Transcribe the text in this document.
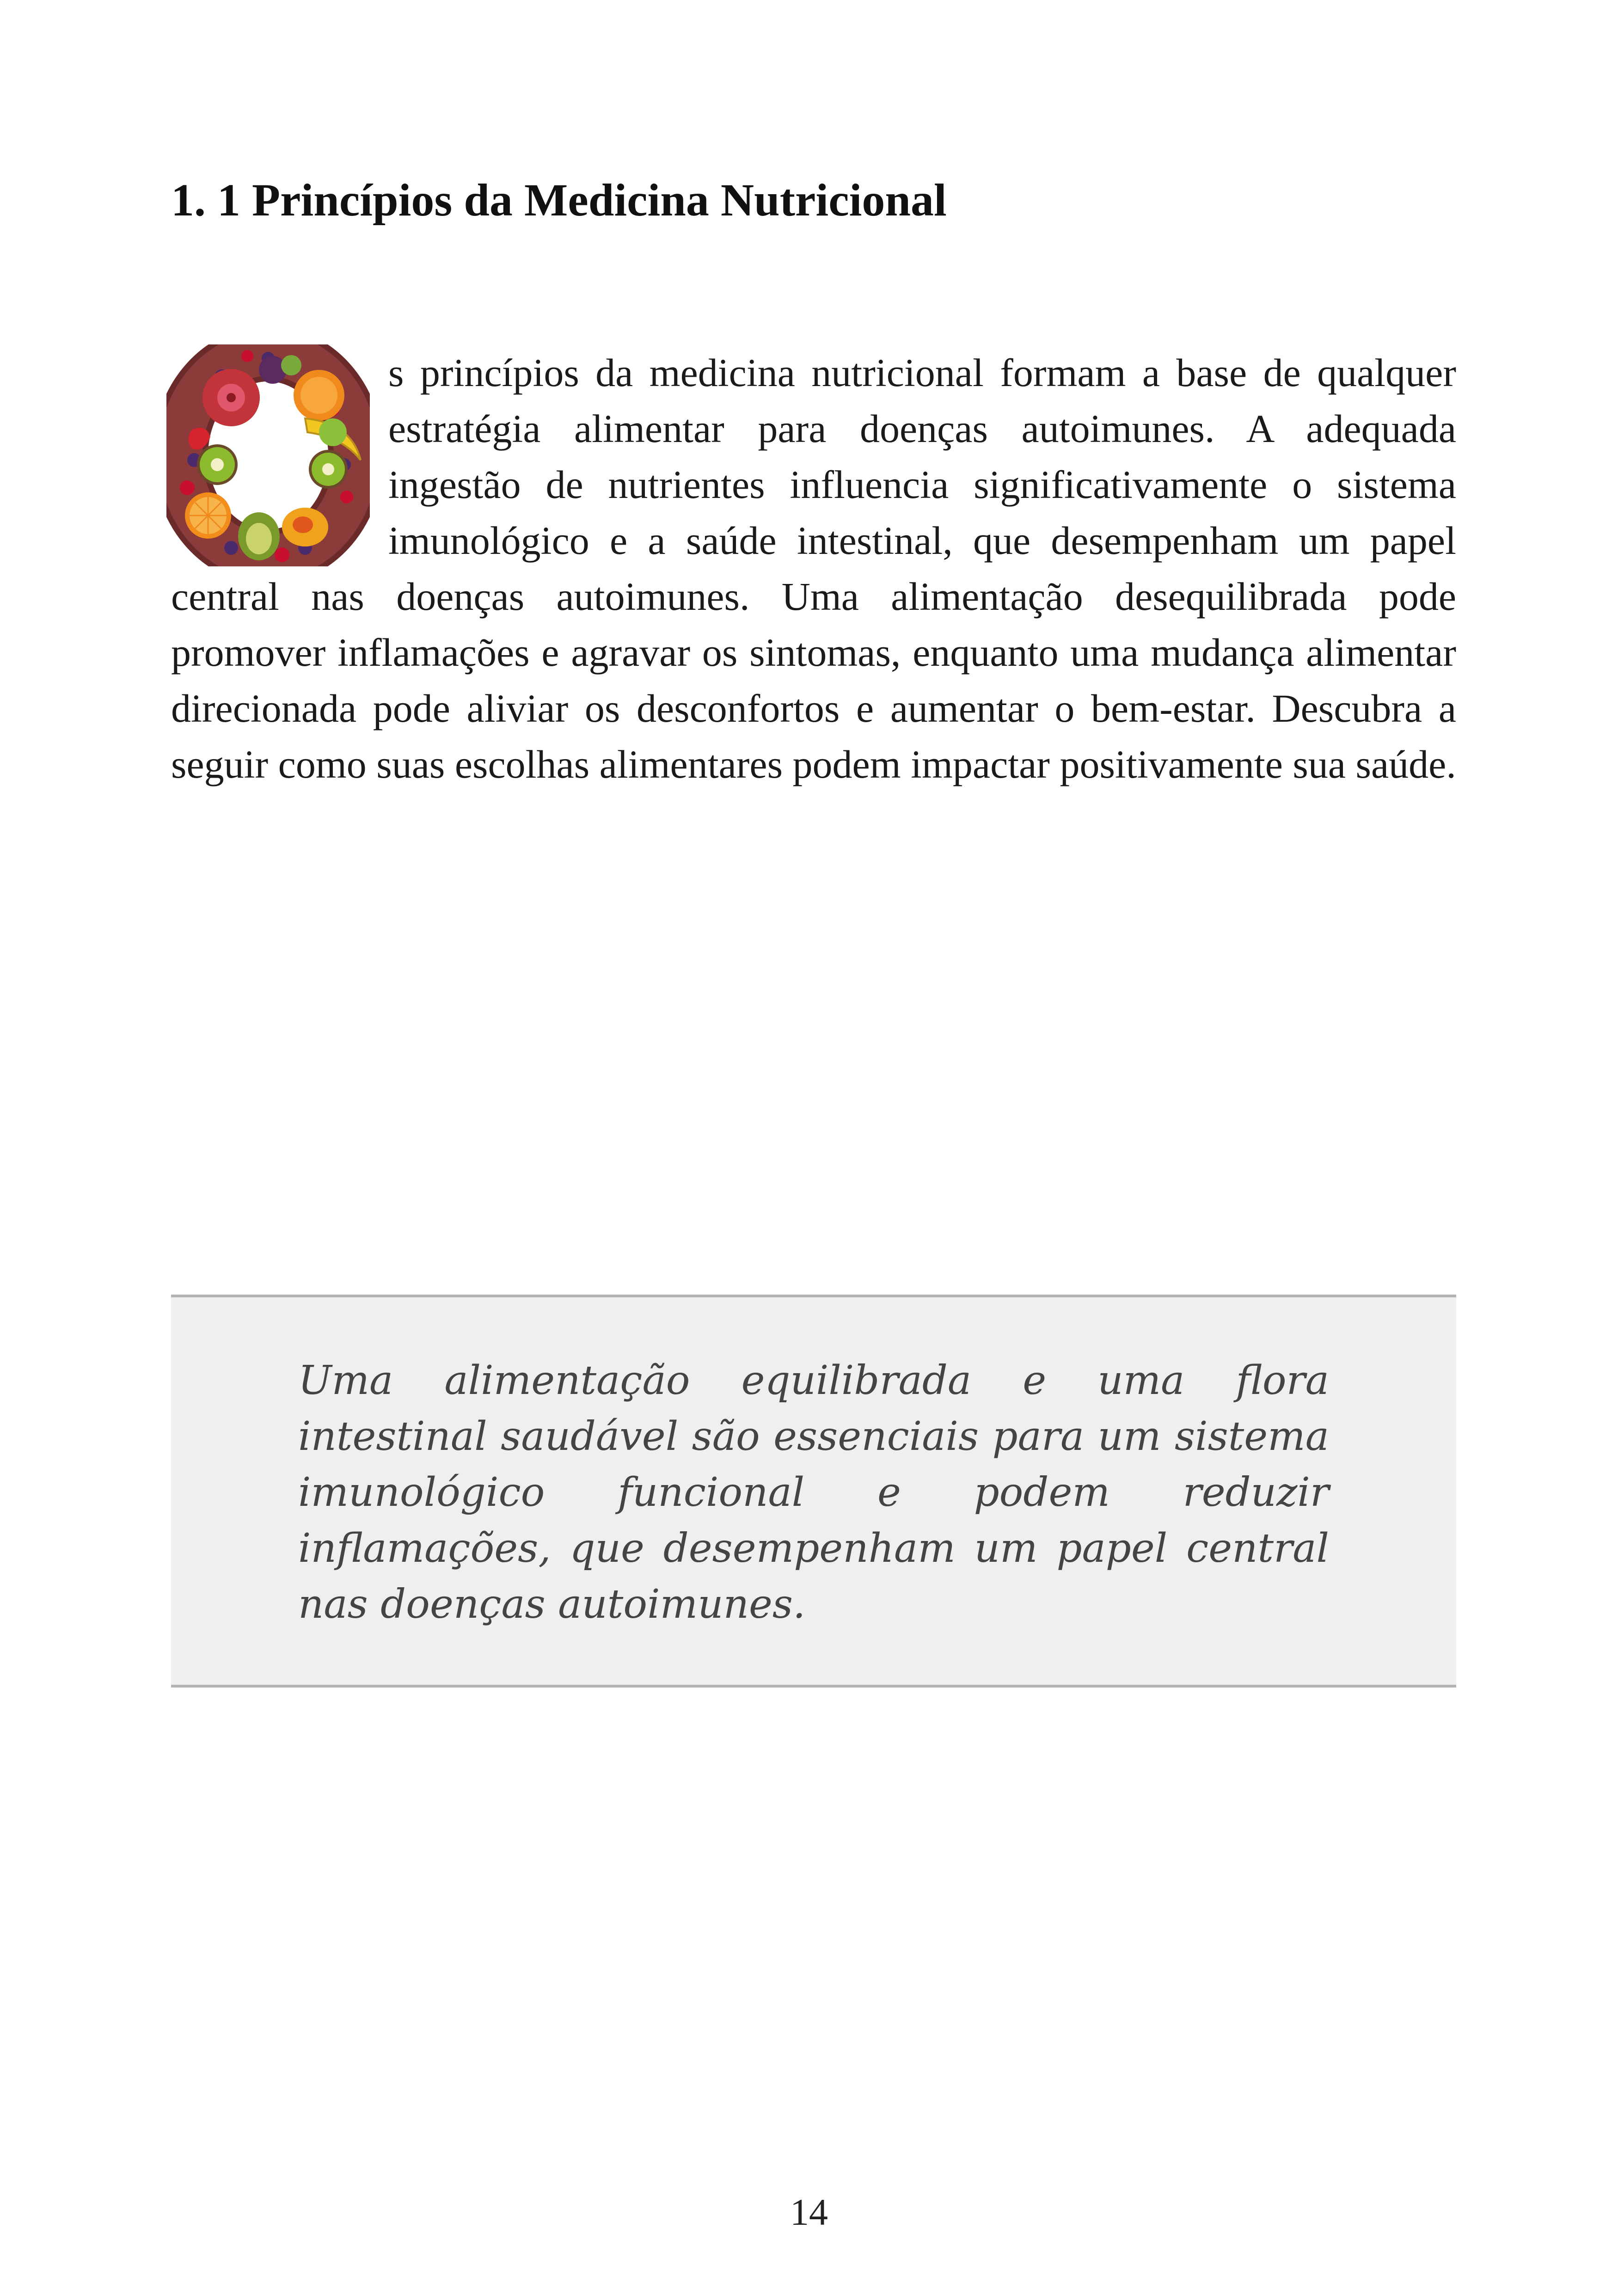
1. 1 Princípios da Medicina Nutricional

s princípios da medicina nutricional formam a base de qualquer estratégia alimentar para doenças autoimunes. A adequada ingestão de nutrientes influencia significativamente o sistema imunológico e a saúde intestinal, que desempenham um papel central nas doenças autoimunes. Uma alimentação desequilibrada pode promover inflamações e agravar os sintomas, enquanto uma mudança alimentar direcionada pode aliviar os desconfortos e aumentar o bem-estar. Descubra a seguir como suas escolhas alimentares podem impactar positivamente sua saúde.

Uma alimentação equilibrada e uma flora intestinal saudável são essenciais para um sistema imunológico funcional e podem reduzir inflamações, que desempenham um papel central nas doenças autoimunes.

14
